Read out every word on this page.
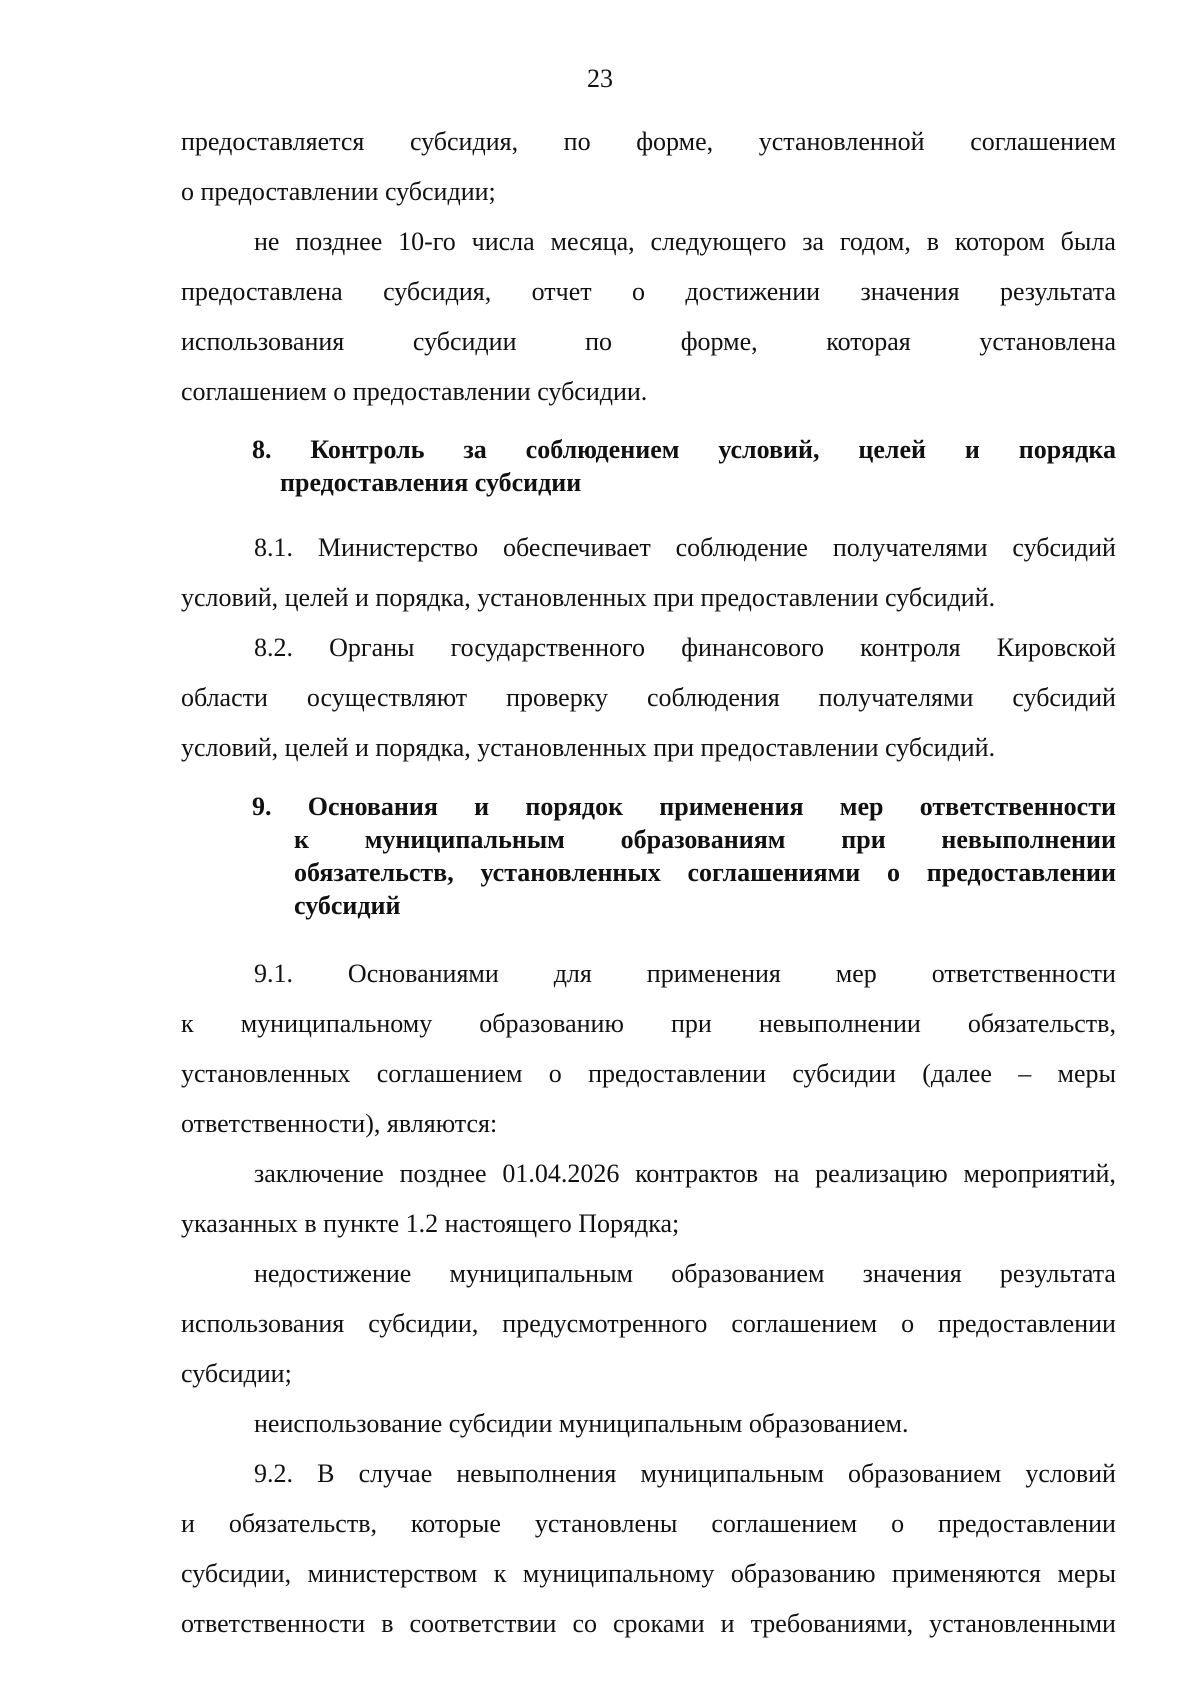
23
предоставляется субсидия, по форме, установленной соглашением
о предоставлении субсидии;
не позднее 10-го числа месяца, следующего за годом, в котором была
предоставлена субсидия, отчет о достижении значения результата
использования	субсидии	по	форме,	которая	установлена
соглашением о предоставлении субсидии.
8. Контроль за соблюдением условий, целей и порядка
предоставления субсидии
8.1. Министерство обеспечивает соблюдение получателями субсидий
условий, целей и порядка, установленных при предоставлении субсидий.
8.2. Органы государственного финансового контроля Кировской
области осуществляют проверку соблюдения получателями субсидий
условий, целей и порядка, установленных при предоставлении субсидий.
9. Основания и порядок применения мер ответственности
к муниципальным образованиям при невыполнении
обязательств, установленных соглашениями о предоставлении
субсидий
9.1. Основаниями для применения мер ответственности
к муниципальному образованию при невыполнении обязательств,
установленных соглашением о предоставлении субсидии (далее – меры
ответственности), являются:
заключение позднее 01.04.2026 контрактов на реализацию мероприятий,
указанных в пункте 1.2 настоящего Порядка;
недостижение муниципальным образованием значения результата
использования субсидии, предусмотренного соглашением о предоставлении
субсидии;
неиспользование субсидии муниципальным образованием.
9.2. В случае невыполнения муниципальным образованием условий
и обязательств, которые установлены соглашением о предоставлении
субсидии, министерством к муниципальному образованию применяются меры
ответственности в соответствии со сроками и требованиями, установленными
